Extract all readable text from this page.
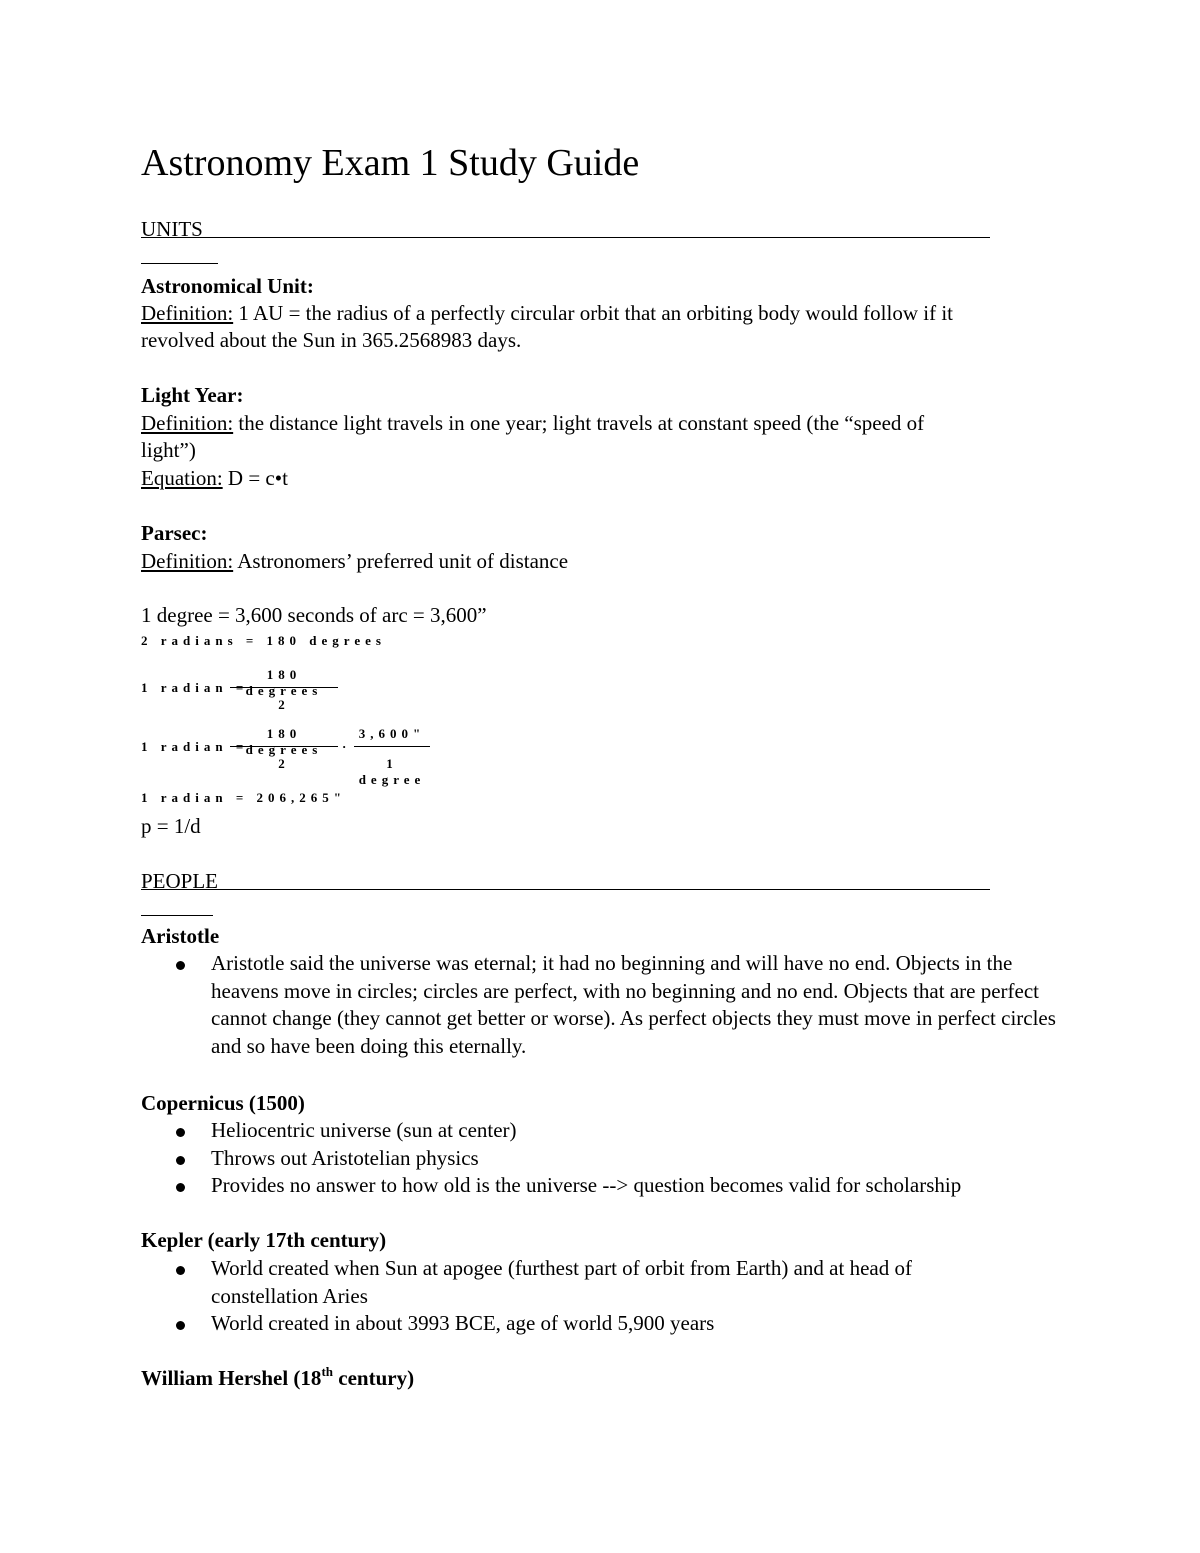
Astronomy Exam 1 Study Guide
UNITS
Astronomical Unit:
Definition: 1 AU = the radius of a perfectly circular orbit that an orbiting body would follow if it
revolved about the Sun in 365.2568983 days.
Light Year:
Definition: the distance light travels in one year; light travels at constant speed (the “speed of
light”)
Equation: D = c•t
Parsec:
Definition: Astronomers’ preferred unit of distance
1 degree = 3,600 seconds of arc = 3,600”
2 radians = 180 degrees
1 radian =
180 degrees
2
1 radian =
180 degrees
2
·
3,600"
1 degree
1 radian = 206,265"
p = 1/d
PEOPLE
Aristotle
Aristotle said the universe was eternal; it had no beginning and will have no end. Objects in the heavens move in circles; circles are perfect, with no beginning and no end. Objects that are perfect cannot change (they cannot get better or worse). As perfect objects they must move in perfect circles and so have been doing this eternally.
Copernicus (1500)
Heliocentric universe (sun at center)
Throws out Aristotelian physics
Provides no answer to how old is the universe --> question becomes valid for scholarship
Kepler (early 17th century)
World created when Sun at apogee (furthest part of orbit from Earth) and at head of constellation Aries
World created in about 3993 BCE, age of world 5,900 years
William Hershel (18th century)
